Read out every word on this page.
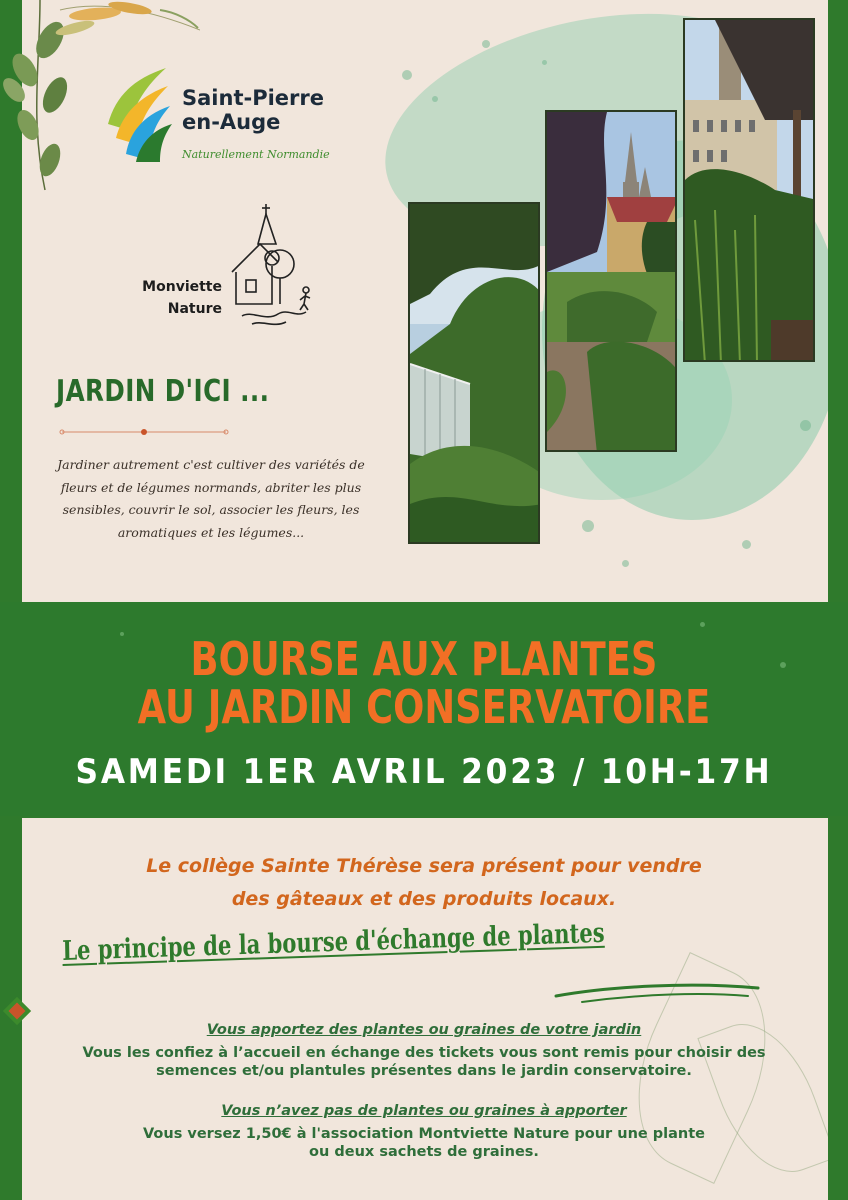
Saint-Pierre
en-Auge
Naturellement Normandie
Monviette
Nature
JARDIN D'ICI ...
Jardiner autrement c'est cultiver des variétés de fleurs et de légumes normands, abriter les plus sensibles, couvrir le sol, associer les fleurs, les aromatiques et les légumes...
BOURSE AUX PLANTES
AU JARDIN CONSERVATOIRE
SAMEDI 1ER AVRIL 2023 / 10H-17H
Le collège Sainte Thérèse sera présent pour vendre
des gâteaux et des produits locaux.
Le principe de la bourse d'échange de plantes
Vous apportez des plantes ou graines de votre jardin
Vous les confiez à l’accueil en échange des tickets vous sont remis pour choisir des
semences et/ou plantules présentes dans le jardin conservatoire.
Vous n’avez pas de plantes ou graines à apporter
Vous versez 1,50€ à l'association Montviette Nature pour une plante
ou deux sachets de graines.
